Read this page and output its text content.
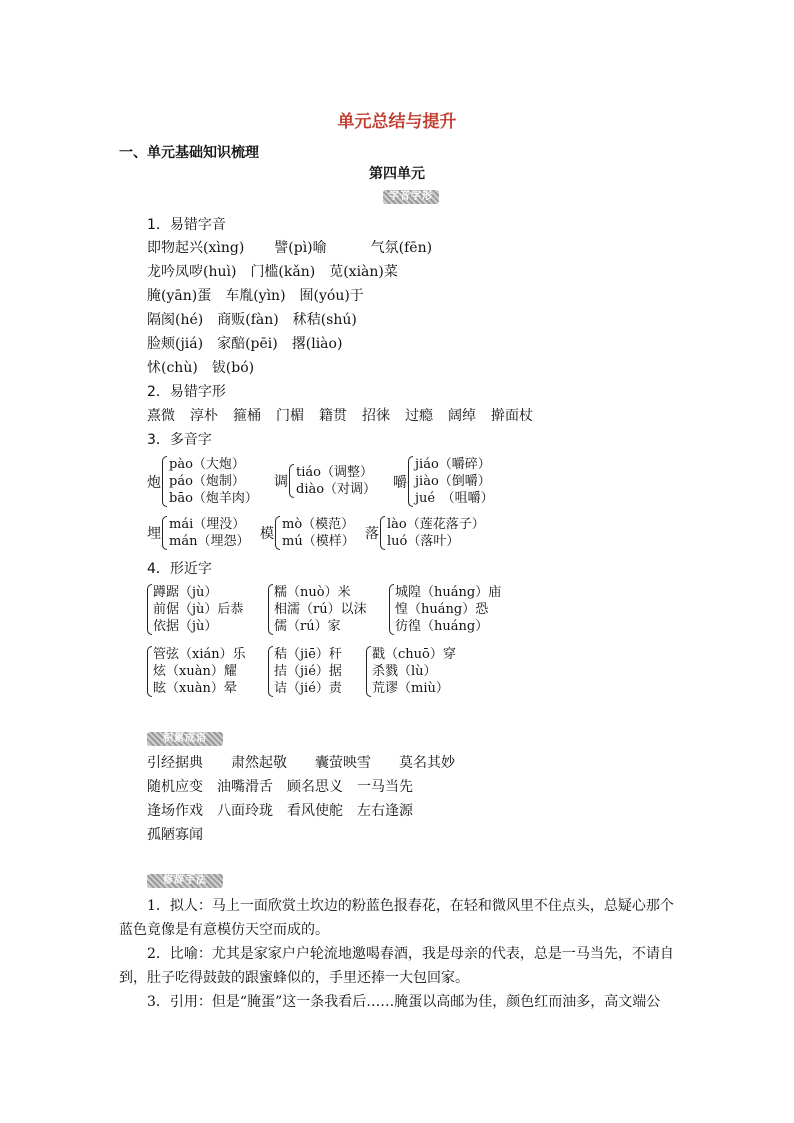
单元总结与提升
一、单元基础知识梳理
第四单元
字音字形
1．易错字音
即物起兴(xìng) 譬(pì)喻	气氛(fēn)
龙吟凤哕(huì) 门槛(kǎn) 苋(xiàn)菜
腌(yān)蛋 车胤(yìn) 囿(yóu)于
隔阂(hé) 商贩(fàn) 秫秸(shú)
脸颊(jiá) 家醅(pēi) 撂(liào)
怵(chù) 钹(bó)
2．易错字形
熹微 淳朴 箍桶 门楣 籍贯 招徕 过瘾 阔绰 擀面杖
3．多音字
炮
pào（大炮）
páo（炮制）
bāo（炮羊肉）
调
tiáo（调整）
diào（对调） 嚼
jiáo（嚼碎）
jiào（倒嚼）
jué　（咀嚼）
埋
mái（埋没）
mán（埋怨） 模
mò（模范）
mú（模样） 落
lào（莲花落子）
luó（落叶）
4．形近字
蹲踞（jù）
前倨（jù）后恭
依据（jù）
糯（nuò）米
相濡（rú）以沫
儒（rú）家
城隍（huáng）庙
惶（huáng）恐
彷徨（huáng）
管弦（xián）乐
炫（xuàn）耀
眩（xuàn）晕
秸（jiē）秆
拮（jié）据
诘（jié）责
戳（chuō）穿
杀戮（lù）
荒谬（miù）
积累成语
引经据典 肃然起敬 囊萤映雪 莫名其妙
随机应变 油嘴滑舌 顾名思义 一马当先
逢场作戏 八面玲珑 看风使舵 左右逢源
孤陋寡闻
修辞手法
1．拟人：马上一面欣赏土坎边的粉蓝色报春花，在轻和微风里不住点头，总疑心那个蓝色竟像是有意模仿天空而成的。
2．比喻：尤其是家家户户轮流地邀喝春酒，我是母亲的代表，总是一马当先，不请自到，肚子吃得鼓鼓的跟蜜蜂似的，手里还捧一大包回家。
3．引用：但是“腌蛋”这一条我看后……腌蛋以高邮为佳，颜色红而油多，高文端公
